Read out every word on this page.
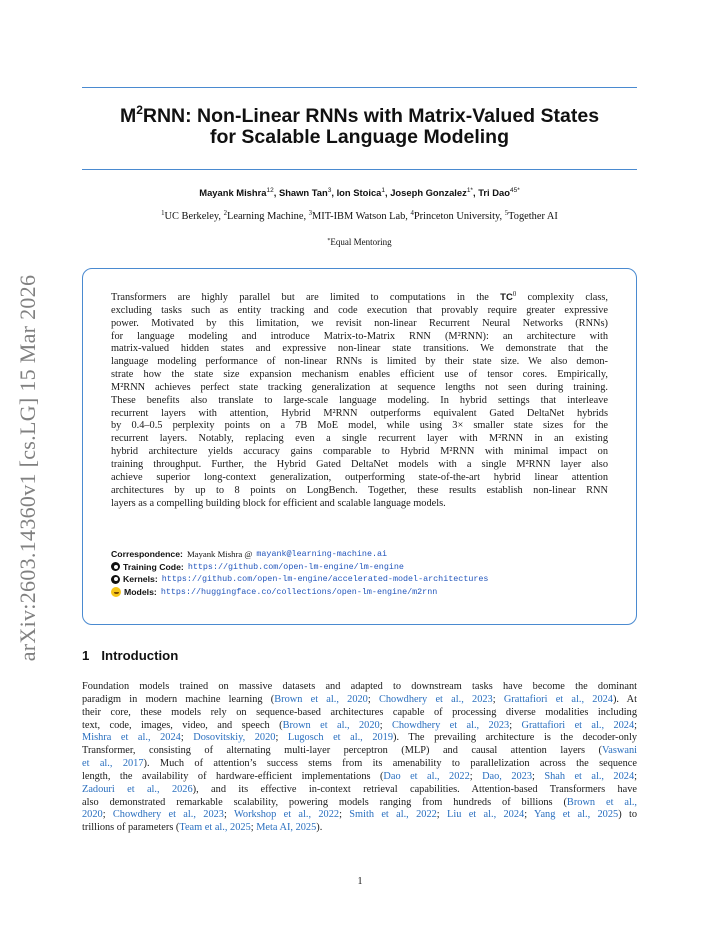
arXiv:2603.14360v1 [cs.LG] 15 Mar 2026
$M^2RNN$: Non-Linear RNNs with Matrix-Valued States
for Scalable Language Modeling
Mayank Mishra$^{12}$, Shawn Tan$^3$, Ion Stoica$^1$, Joseph Gonzalez$^{1*}$, Tri Dao$^{45*}$
$^1$UC Berkeley, $^2$Learning Machine, $^3$MIT-IBM Watson Lab, $^4$Princeton University, $^5$Together AI
*Equal Mentoring
Transformers are highly parallel but are limited to computations in the $TC^0$ complexity class,
excluding tasks such as entity tracking and code execution that provably require greater expressive
power. Motivated by this limitation, we revisit non-linear Recurrent Neural Networks (RNNs)
for language modeling and introduce Matrix-to-Matrix RNN (M²RNN): an architecture with
matrix-valued hidden states and expressive non-linear state transitions. We demonstrate that the
language modeling performance of non-linear RNNs is limited by their state size. We also demon-
strate how the state size expansion mechanism enables efficient use of tensor cores. Empirically,
M²RNN achieves perfect state tracking generalization at sequence lengths not seen during training.
These benefits also translate to large-scale language modeling. In hybrid settings that interleave
recurrent layers with attention, Hybrid M²RNN outperforms equivalent Gated DeltaNet hybrids
by 0.4–0.5 perplexity points on a 7B MoE model, while using 3× smaller state sizes for the
recurrent layers. Notably, replacing even a single recurrent layer with M²RNN in an existing
hybrid architecture yields accuracy gains comparable to Hybrid M²RNN with minimal impact on
training throughput. Further, the Hybrid Gated DeltaNet models with a single M²RNN layer also
achieve superior long-context generalization, outperforming state-of-the-art hybrid linear attention
architectures by up to 8 points on LongBench. Together, these results establish non-linear RNN
layers as a compelling building block for efficient and scalable language models.
Correspondence: Mayank Mishra @ mayank@learning-machine.ai
Training Code: https://github.com/open-lm-engine/lm-engine
Kernels: https://github.com/open-lm-engine/accelerated-model-architectures
Models: https://huggingface.co/collections/open-lm-engine/m2rnn
1 Introduction
Foundation models trained on massive datasets and adapted to downstream tasks have become the dominant
paradigm in modern machine learning (Brown et al., 2020; Chowdhery et al., 2023; Grattafiori et al., 2024). At
their core, these models rely on sequence-based architectures capable of processing diverse modalities including
text, code, images, video, and speech (Brown et al., 2020; Chowdhery et al., 2023; Grattafiori et al., 2024;
Mishra et al., 2024; Dosovitskiy, 2020; Lugosch et al., 2019). The prevailing architecture is the decoder-only
Transformer, consisting of alternating multi-layer perceptron (MLP) and causal attention layers (Vaswani
et al., 2017). Much of attention’s success stems from its amenability to parallelization across the sequence
length, the availability of hardware-efficient implementations (Dao et al., 2022; Dao, 2023; Shah et al., 2024;
Zadouri et al., 2026), and its effective in-context retrieval capabilities. Attention-based Transformers have
also demonstrated remarkable scalability, powering models ranging from hundreds of billions (Brown et al.,
2020; Chowdhery et al., 2023; Workshop et al., 2022; Smith et al., 2022; Liu et al., 2024; Yang et al., 2025) to
trillions of parameters (Team et al., 2025; Meta AI, 2025).
1
